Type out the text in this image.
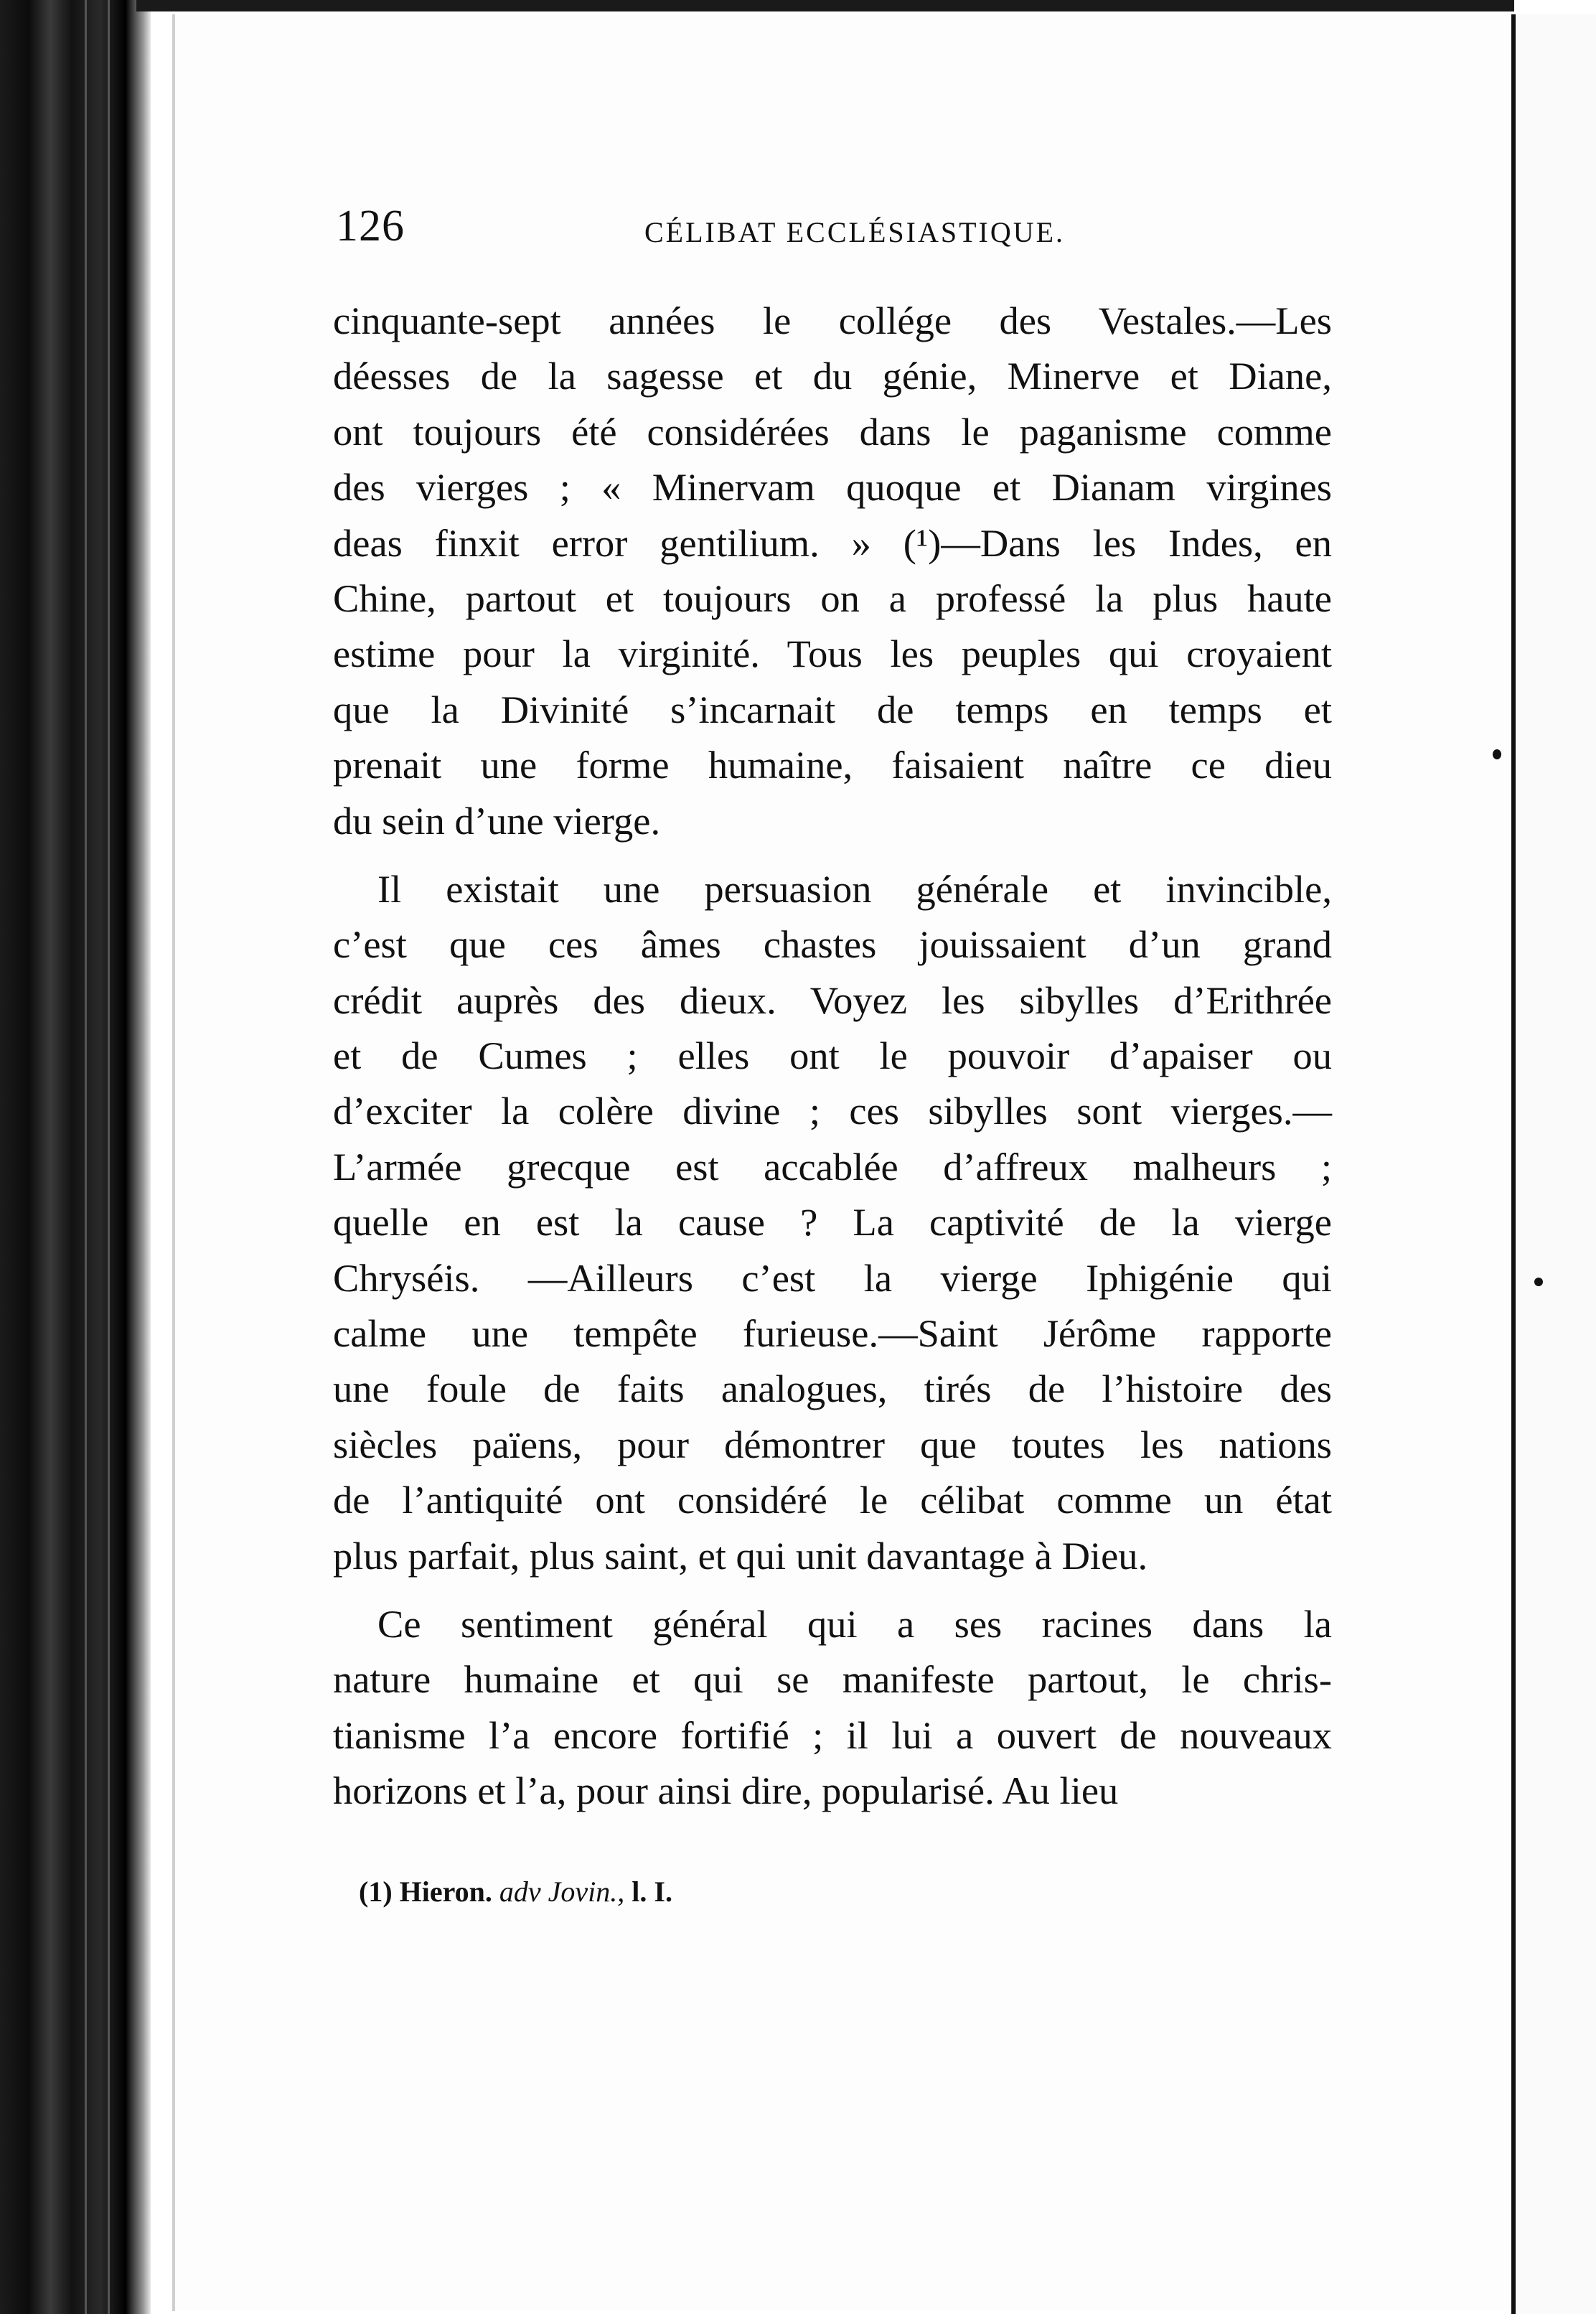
126	CÉLIBAT ECCLÉSIASTIQUE.
cinquante-sept années le collége des Vestales.—Les
déesses de la sagesse et du génie, Minerve et Diane,
ont toujours été considérées dans le paganisme comme
des vierges ; « Minervam quoque et Dianam virgines
deas finxit error gentilium. » (¹)—Dans les Indes, en
Chine, partout et toujours on a professé la plus haute
estime pour la virginité. Tous les peuples qui croyaient
que la Divinité s’incarnait de temps en temps et
prenait une forme humaine, faisaient naître ce dieu
du sein d’une vierge.
Il existait une persuasion générale et invincible,
c’est que ces âmes chastes jouissaient d’un grand
crédit auprès des dieux. Voyez les sibylles d’Erithrée
et de Cumes ; elles ont le pouvoir d’apaiser ou
d’exciter la colère divine ; ces sibylles sont vierges.—
L’armée grecque est accablée d’affreux malheurs ;
quelle en est la cause ? La captivité de la vierge
Chryséis. —Ailleurs c’est la vierge Iphigénie qui
calme une tempête furieuse.—Saint Jérôme rapporte
une foule de faits analogues, tirés de l’histoire des
siècles païens, pour démontrer que toutes les nations
de l’antiquité ont considéré le célibat comme un état
plus parfait, plus saint, et qui unit davantage à Dieu.
Ce sentiment général qui a ses racines dans la
nature humaine et qui se manifeste partout, le chris-
tianisme l’a encore fortifié ; il lui a ouvert de nouveaux
horizons et l’a, pour ainsi dire, popularisé. Au lieu
(1) Hieron. adv Jovin., l. I.
